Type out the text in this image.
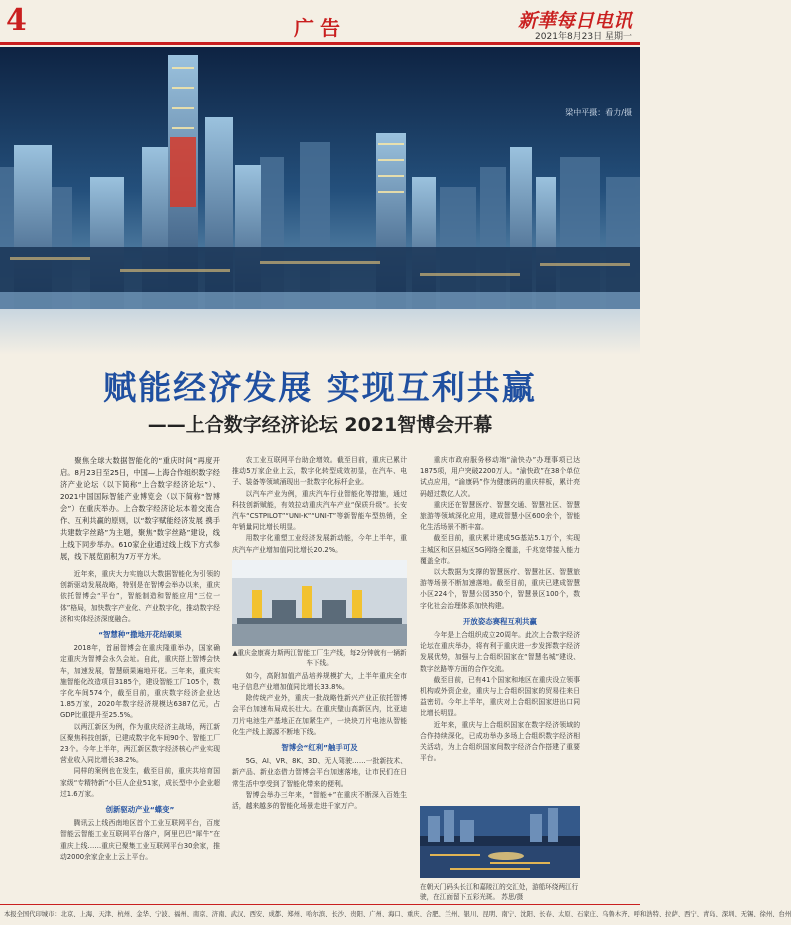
4	广告	新華每日电讯
2021年8月23日 星期一
梁中平摄：看力/摄
赋能经济发展 实现互利共赢
——上合数字经济论坛 2021智博会开幕

聚焦全球大数据智能化的“重庆时间”再度开启。8月23日至25日，中国—上海合作组织数字经济产业论坛（以下简称“上合数字经济论坛”）、2021中国国际智能产业博览会（以下简称“智博会”）在重庆举办。上合数字经济论坛本着交流合作、互利共赢的原则，以“数字赋能经济发展 携手共建数字丝路”为主题，聚焦“数字丝路”建设，线上线下同步举办。610家企业通过线上线下方式参展，线下展览面积为7万平方米。

近年来，重庆大力实施以大数据智能化为引领的创新驱动发展战略，特别是在智博会举办以来，重庆依托智博会“平台”，智能制造和智能应用“三位一体”格局，加快数字产业化、产业数字化，推动数字经济和实体经济深度融合。

“智慧种”撒地开花结硕果

2018年，首届智博会在重庆隆重举办，国家确定重庆为智博会永久会址。自此，重庆搭上智博会快车，加速发展，智慧硕果遍地开花。三年来，重庆实施智能化改造项目3185个，建设智能工厂105个，数字化车间574个，截至目前，重庆数字经济企业达1.85万家，2020年数字经济规模达6387亿元，占GDP比重提升至25.5%。

以两江新区为例，作为重庆经济主战场，两江新区聚焦科技创新，已建成数字化车间90个、智能工厂23个。今年上半年，两江新区数字经济核心产业实现营业收入同比增长38.2%。

同样的案例也在发生，截至目前，重庆共培育国家级“专精特新”小巨人企业51家，成长型中小企业超过1.6万家。

创新驱动产业“蝶变”

腾讯云上线西南地区首个工业互联网平台，百度智能云智能工业互联网平台落户，阿里巴巴“犀牛”在重庆上线……重庆已聚集工业互联网平台30余家，推动2000余家企业上云上平台。

农工业互联网平台助企增效。截至目前，重庆已累计推动5万家企业上云，数字化转型成效初显，在汽车、电子、装备等领域涌现出一批数字化标杆企业。

以汽车产业为例，重庆汽车行业智能化等措施，通过科技创新赋能，有效拉动重庆汽车产业“保质升级”。长安汽车“CSTPILOT”“UNI-K”“UNI-T”等新智能车型热销，全年销量同比增长明显。

用数字化重塑工业经济发展新动能，今年上半年，重庆汽车产业增加值同比增长20.2%。

▲重庆金康赛力斯两江智能工厂生产线，每2分钟就有一辆新车下线。

如今，高附加值产品培养规模扩大，上半年重庆全市电子信息产业增加值同比增长33.8%。

除传统产业外，重庆一批战略性新兴产业正依托智博会平台加速布局成长壮大。在重庆璧山高新区内，比亚迪刀片电池生产基地正在加紧生产，一块块刀片电池从智能化生产线上源源不断地下线。

智博会“红利”触手可及

5G、AI、VR、8K、3D、无人驾驶……一批新技术、新产品、新业态借力智博会平台加速落地，让市民们在日常生活中享受到了智能化带来的便利。

智博会举办三年来，“智能+”在重庆不断深入百姓生活，越来越多的智能化场景走进千家万户。

重庆市政府服务移动端“渝快办”办理事项已达1875项，用户突破2200万人。“渝快政”在38个单位试点应用，“渝康码”作为健康码的重庆样板，累计亮码超过数亿人次。

重庆还在智慧医疗、智慧交通、智慧社区、智慧旅游等领域深化应用，建成智慧小区600余个，智能化生活场景不断丰富。

截至目前，重庆累计建成5G基站5.1万个，实现主城区和区县城区5G网络全覆盖，千兆宽带接入能力覆盖全市。

以大数据为支撑的智慧医疗、智慧社区、智慧旅游等场景不断加速落地。截至目前，重庆已建成智慧小区224个，智慧公园350个，智慧景区100个，数字化社会治理体系加快构建。

开放姿态赛程互利共赢

今年是上合组织成立20周年。此次上合数字经济论坛在重庆举办，将有利于重庆进一步发挥数字经济发展优势，加强与上合组织国家在“智慧名城”建设、数字丝路等方面的合作交流。

截至目前，已有41个国家和地区在重庆设立领事机构或外资企业，重庆与上合组织国家的贸易往来日益密切。今年上半年，重庆对上合组织国家进出口同比增长明显。

近年来，重庆与上合组织国家在数字经济领域的合作持续深化，已成功举办多场上合组织数字经济相关活动，为上合组织国家间数字经济合作搭建了重要平台。

在朝天门码头长江和嘉陵江的交汇处，游船环绕两江行驶，在江面留下五彩光斑。 苏思/摄
本报全国代印城市：北京、上海、天津、杭州、金华、宁波、福州、南京、济南、武汉、西安、成都、郑州、哈尔滨、长沙、贵阳、广州、海口、重庆、合肥、兰州、银川、昆明、南宁、沈阳、长春、太原、石家庄、乌鲁木齐、呼和浩特、拉萨、西宁、青岛、深圳、无锡、徐州、台州
